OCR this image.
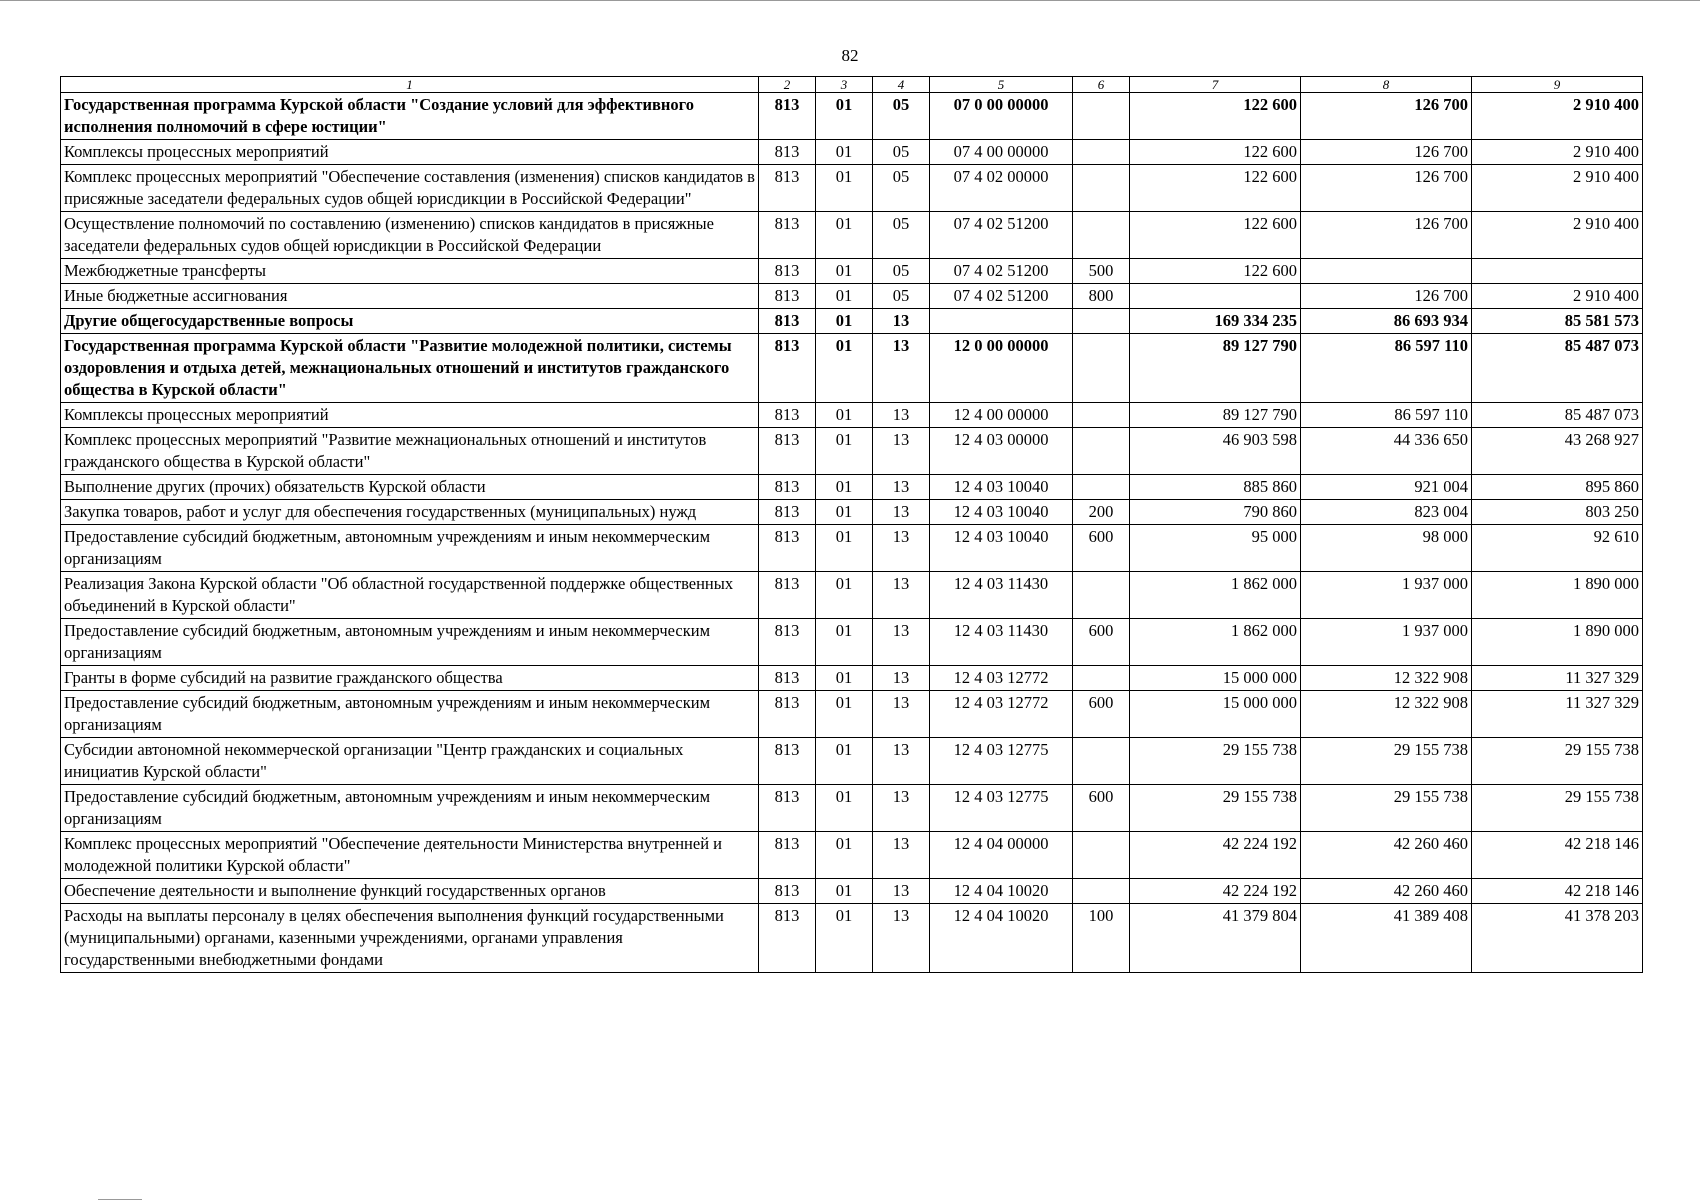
82
1	2	3	4	5	6	7	8	9
Государственная программа Курской области "Создание условий для эффективного исполнения полномочий в сфере юстиции"	813	01	05	07 0 00 00000		122 600	126 700	2 910 400
Комплексы процессных мероприятий	813	01	05	07 4 00 00000		122 600	126 700	2 910 400
Комплекс процессных мероприятий "Обеспечение составления (изменения) списков кандидатов в присяжные заседатели федеральных судов общей юрисдикции в Российской Федерации"	813	01	05	07 4 02 00000		122 600	126 700	2 910 400
Осуществление полномочий по составлению (изменению) списков кандидатов в присяжные заседатели федеральных судов общей юрисдикции в Российской Федерации	813	01	05	07 4 02 51200		122 600	126 700	2 910 400
Межбюджетные трансферты	813	01	05	07 4 02 51200	500	122 600		
Иные бюджетные ассигнования	813	01	05	07 4 02 51200	800		126 700	2 910 400
Другие общегосударственные вопросы	813	01	13			169 334 235	86 693 934	85 581 573
Государственная программа Курской области "Развитие молодежной политики, системы оздоровления и отдыха детей, межнациональных отношений и институтов гражданского общества в Курской области"	813	01	13	12 0 00 00000		89 127 790	86 597 110	85 487 073
Комплексы процессных мероприятий	813	01	13	12 4 00 00000		89 127 790	86 597 110	85 487 073
Комплекс процессных мероприятий "Развитие межнациональных отношений и институтов гражданского общества в Курской области"	813	01	13	12 4 03 00000		46 903 598	44 336 650	43 268 927
Выполнение других (прочих) обязательств Курской области	813	01	13	12 4 03 10040		885 860	921 004	895 860
Закупка товаров, работ и услуг для обеспечения государственных (муниципальных) нужд	813	01	13	12 4 03 10040	200	790 860	823 004	803 250
Предоставление субсидий бюджетным, автономным учреждениям и иным некоммерческим организациям	813	01	13	12 4 03 10040	600	95 000	98 000	92 610
Реализация Закона Курской области "Об областной государственной поддержке общественных объединений в Курской области"	813	01	13	12 4 03 11430		1 862 000	1 937 000	1 890 000
Предоставление субсидий бюджетным, автономным учреждениям и иным некоммерческим организациям	813	01	13	12 4 03 11430	600	1 862 000	1 937 000	1 890 000
Гранты в форме субсидий на развитие гражданского общества	813	01	13	12 4 03 12772		15 000 000	12 322 908	11 327 329
Предоставление субсидий бюджетным, автономным учреждениям и иным некоммерческим организациям	813	01	13	12 4 03 12772	600	15 000 000	12 322 908	11 327 329
Субсидии автономной некоммерческой организации "Центр гражданских и социальных инициатив Курской области"	813	01	13	12 4 03 12775		29 155 738	29 155 738	29 155 738
Предоставление субсидий бюджетным, автономным учреждениям и иным некоммерческим организациям	813	01	13	12 4 03 12775	600	29 155 738	29 155 738	29 155 738
Комплекс процессных мероприятий "Обеспечение деятельности Министерства внутренней и молодежной политики Курской области"	813	01	13	12 4 04 00000		42 224 192	42 260 460	42 218 146
Обеспечение деятельности и выполнение функций государственных органов	813	01	13	12 4 04 10020		42 224 192	42 260 460	42 218 146
Расходы на выплаты персоналу в целях обеспечения выполнения функций государственными (муниципальными) органами, казенными учреждениями, органами управления государственными внебюджетными фондами	813	01	13	12 4 04 10020	100	41 379 804	41 389 408	41 378 203
